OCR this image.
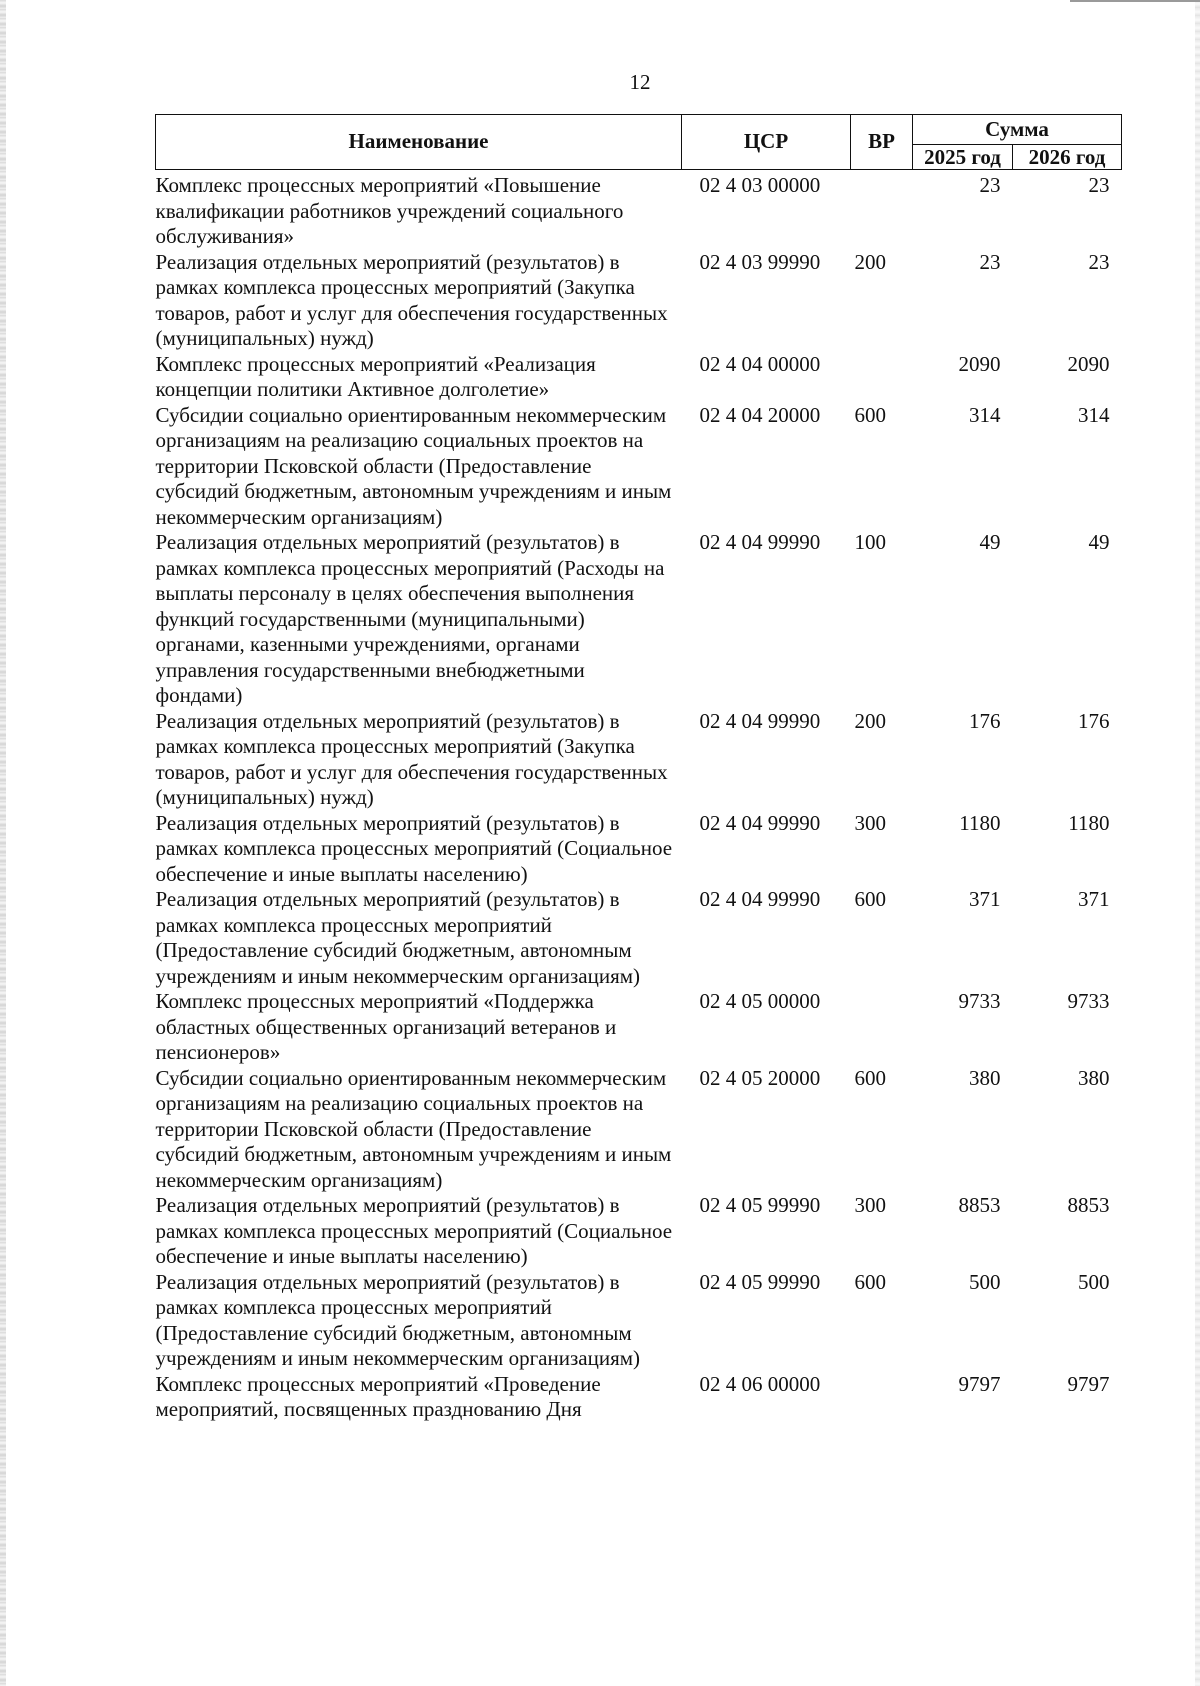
12
Наименование	ЦСР	ВР	Сумма	
			2025 год	2026 год
Комплекс процессных мероприятий «Повышение квалификации работников учреждений социального обслуживания»	02 4 03 00000		23	23
Реализация отдельных мероприятий (результатов) в рамках комплекса процессных мероприятий (Закупка товаров, работ и услуг для обеспечения государственных (муниципальных) нужд)	02 4 03 99990	200	23	23
Комплекс процессных мероприятий «Реализация концепции политики Активное долголетие»	02 4 04 00000		2090	2090
Субсидии социально ориентированным некоммерческим организациям на реализацию социальных проектов на территории Псковской области (Предоставление субсидий бюджетным, автономным учреждениям и иным некоммерческим организациям)	02 4 04 20000	600	314	314
Реализация отдельных мероприятий (результатов) в рамках комплекса процессных мероприятий (Расходы на выплаты персоналу в целях обеспечения выполнения функций государственными (муниципальными) органами, казенными учреждениями, органами управления государственными внебюджетными фондами)	02 4 04 99990	100	49	49
Реализация отдельных мероприятий (результатов) в рамках комплекса процессных мероприятий (Закупка товаров, работ и услуг для обеспечения государственных (муниципальных) нужд)	02 4 04 99990	200	176	176
Реализация отдельных мероприятий (результатов) в рамках комплекса процессных мероприятий (Социальное обеспечение и иные выплаты населению)	02 4 04 99990	300	1180	1180
Реализация отдельных мероприятий (результатов) в рамках комплекса процессных мероприятий (Предоставление субсидий бюджетным, автономным учреждениям и иным некоммерческим организациям)	02 4 04 99990	600	371	371
Комплекс процессных мероприятий «Поддержка областных общественных организаций ветеранов и пенсионеров»	02 4 05 00000		9733	9733
Субсидии социально ориентированным некоммерческим организациям на реализацию социальных проектов на территории Псковской области (Предоставление субсидий бюджетным, автономным учреждениям и иным некоммерческим организациям)	02 4 05 20000	600	380	380
Реализация отдельных мероприятий (результатов) в рамках комплекса процессных мероприятий (Социальное обеспечение и иные выплаты населению)	02 4 05 99990	300	8853	8853
Реализация отдельных мероприятий (результатов) в рамках комплекса процессных мероприятий (Предоставление субсидий бюджетным, автономным учреждениям и иным некоммерческим организациям)	02 4 05 99990	600	500	500
Комплекс процессных мероприятий «Проведение мероприятий, посвященных празднованию Дня	02 4 06 00000		9797	9797
